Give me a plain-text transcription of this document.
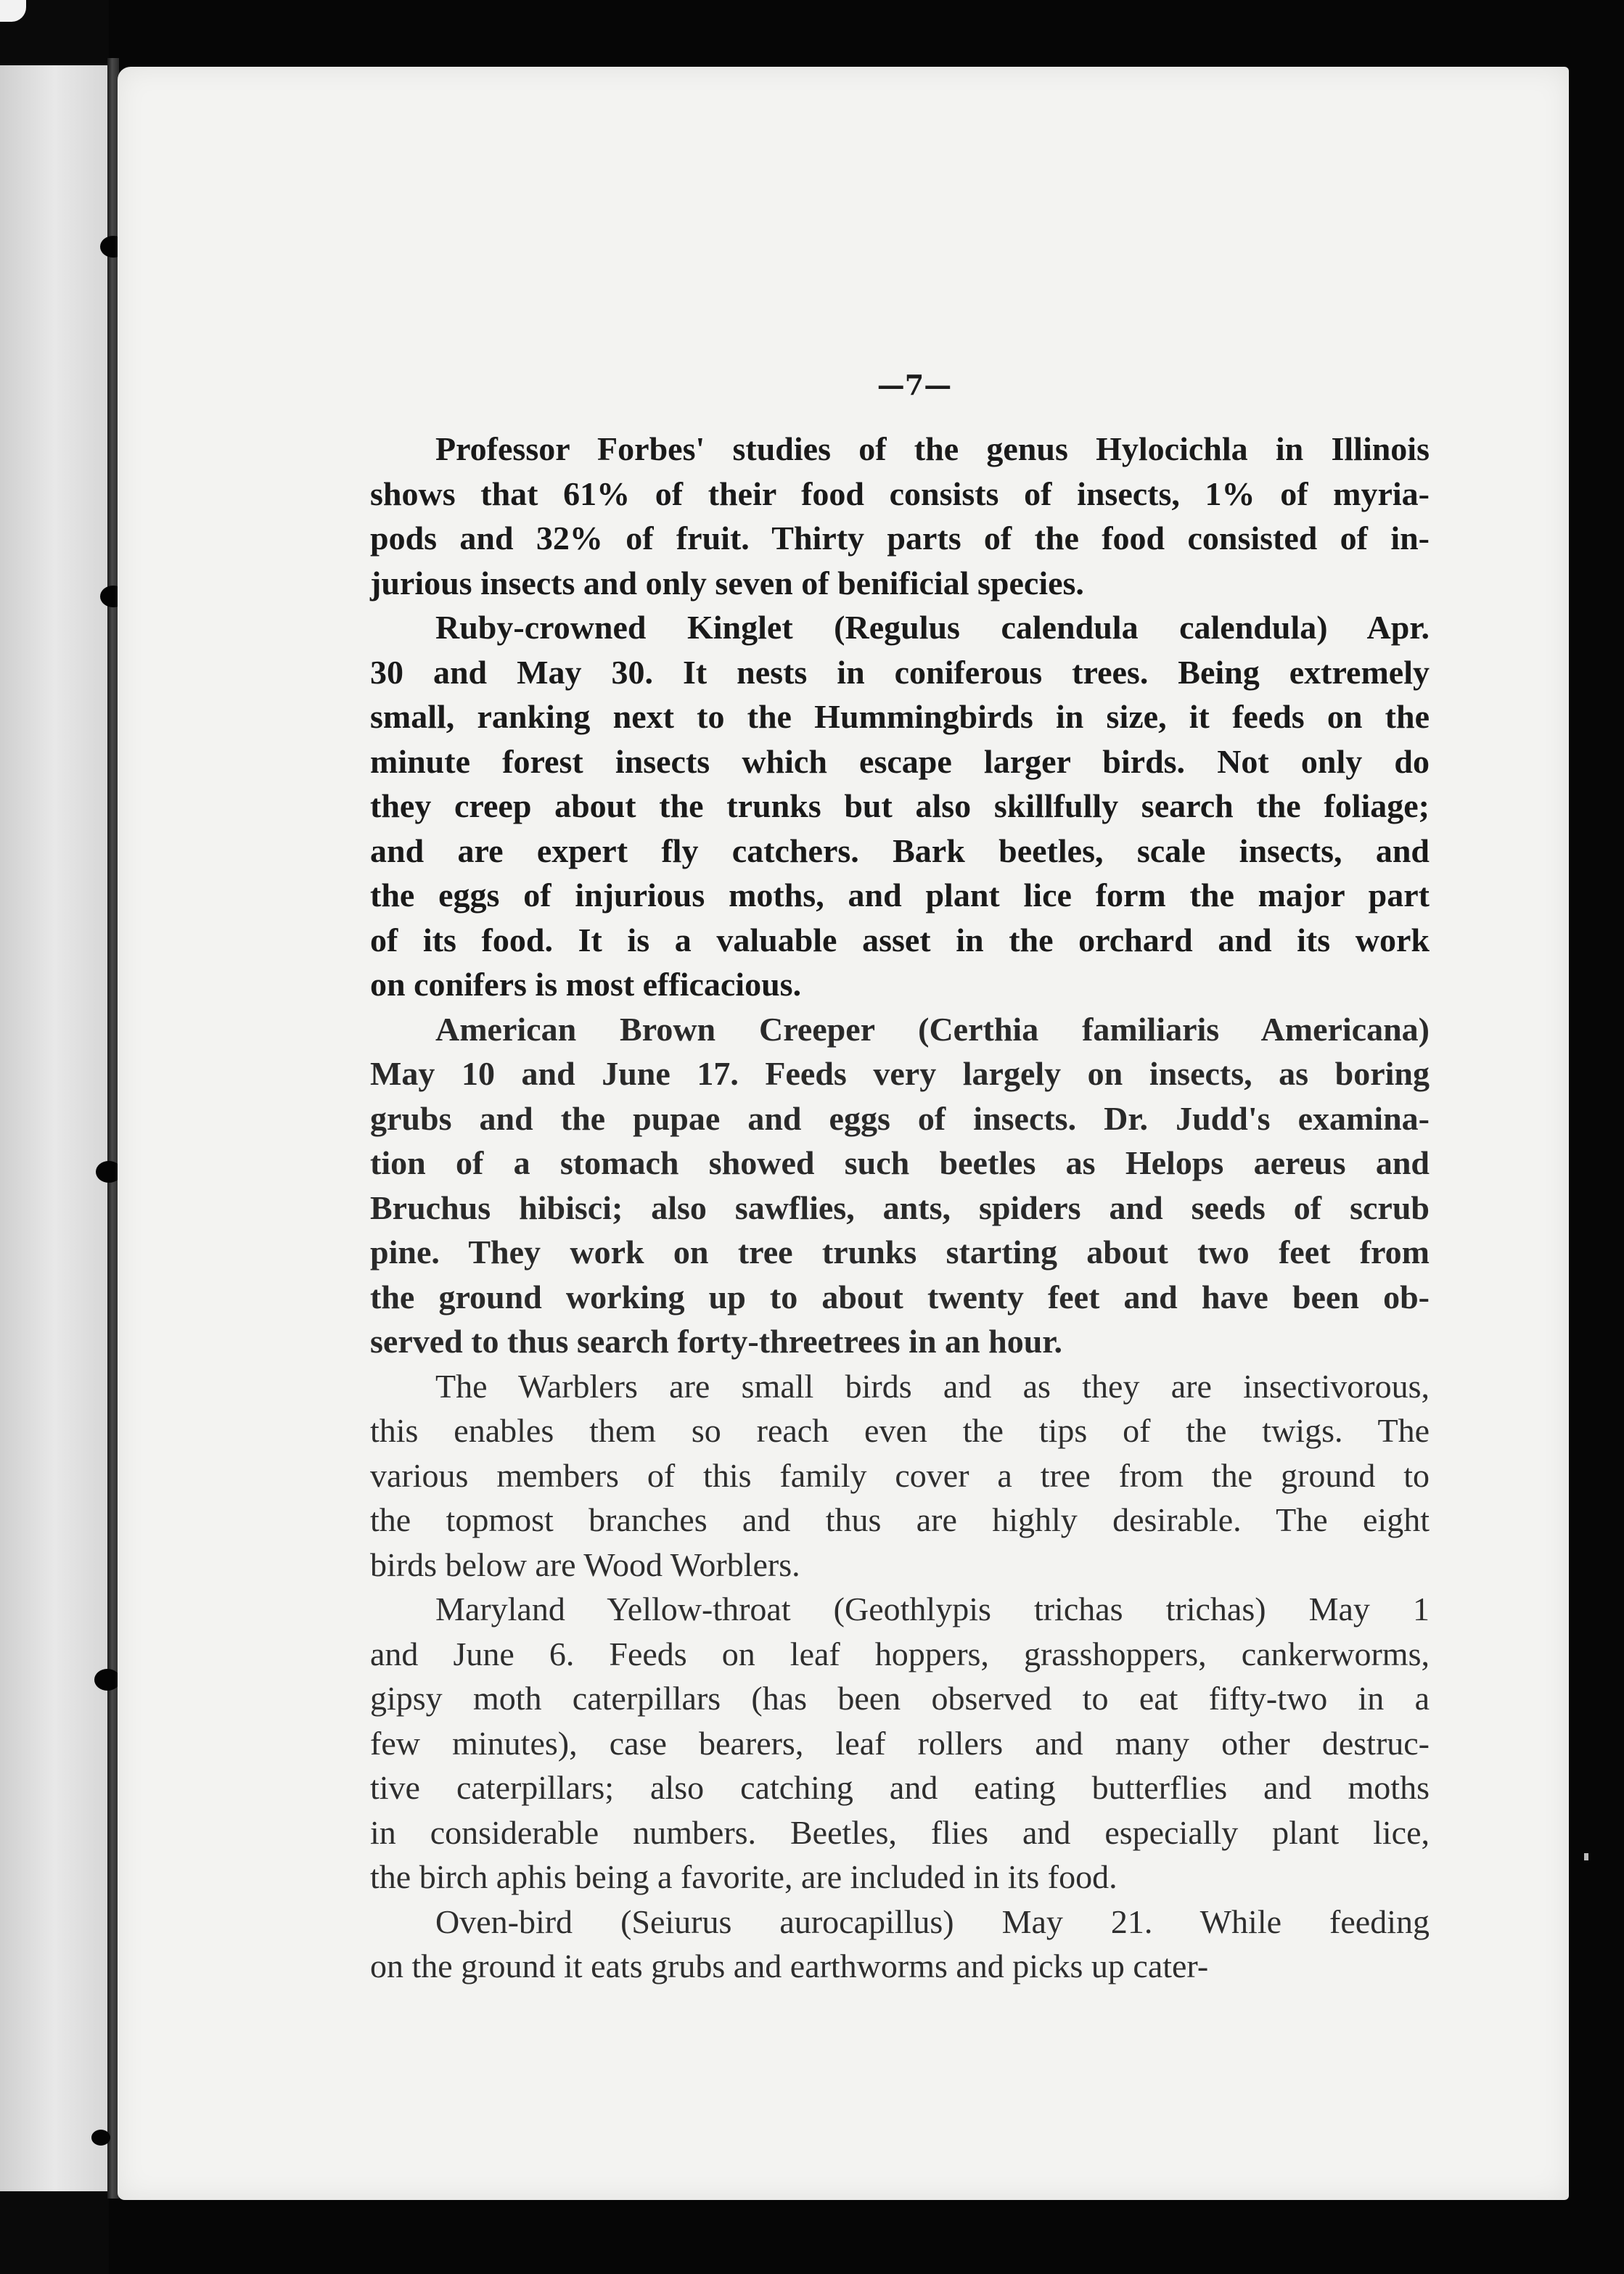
—7—

Professor Forbes' studies of the genus Hylocichla in Illinois
shows that 61% of their food consists of insects, 1% of myria-
pods and 32% of fruit. Thirty parts of the food consisted of in-
jurious insects and only seven of benificial species.

Ruby-crowned Kinglet (Regulus calendula calendula) Apr.
30 and May 30. It nests in coniferous trees. Being extremely
small, ranking next to the Hummingbirds in size, it feeds on the
minute forest insects which escape larger birds. Not only do
they creep about the trunks but also skillfully search the foliage;
and are expert fly catchers. Bark beetles, scale insects, and
the eggs of injurious moths, and plant lice form the major part
of its food. It is a valuable asset in the orchard and its work
on conifers is most efficacious.

American Brown Creeper (Certhia familiaris Americana)
May 10 and June 17. Feeds very largely on insects, as boring
grubs and the pupae and eggs of insects. Dr. Judd's examina-
tion of a stomach showed such beetles as Helops aereus and
Bruchus hibisci; also sawflies, ants, spiders and seeds of scrub
pine. They work on tree trunks starting about two feet from
the ground working up to about twenty feet and have been ob-
served to thus search forty-threetrees in an hour.

The Warblers are small birds and as they are insectivorous,
this enables them so reach even the tips of the twigs. The
various members of this family cover a tree from the ground to
the topmost branches and thus are highly desirable. The eight
birds below are Wood Worblers.

Maryland Yellow-throat (Geothlypis trichas trichas) May 1
and June 6. Feeds on leaf hoppers, grasshoppers, cankerworms,
gipsy moth caterpillars (has been observed to eat fifty-two in a
few minutes), case bearers, leaf rollers and many other destruc-
tive caterpillars; also catching and eating butterflies and moths
in considerable numbers. Beetles, flies and especially plant lice,
the birch aphis being a favorite, are included in its food.

Oven-bird (Seiurus aurocapillus) May 21. While feeding
on the ground it eats grubs and earthworms and picks up cater-
